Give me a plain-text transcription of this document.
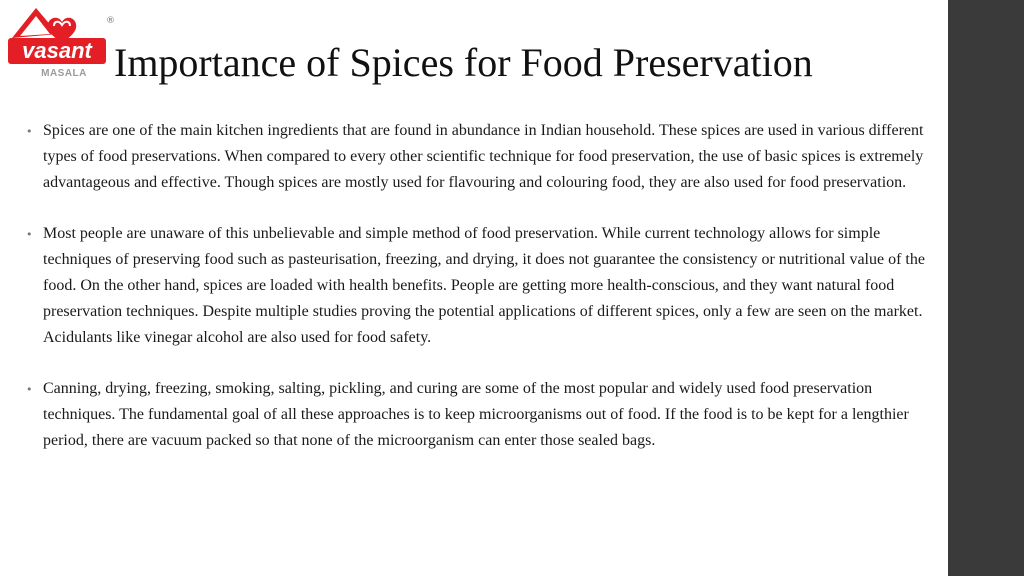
vasant
®
MASALA Importance of Spices for Food Preservation
• Spices are one of the main kitchen ingredients that are found in abundance in Indian household. These spices are used in various different types of food preservations. When compared to every other scientific technique for food preservation, the use of basic spices is extremely advantageous and effective. Though spices are mostly used for flavouring and colouring food, they are also used for food preservation.
• Most people are unaware of this unbelievable and simple method of food preservation. While current technology allows for simple techniques of preserving food such as pasteurisation, freezing, and drying, it does not guarantee the consistency or nutritional value of the food. On the other hand, spices are loaded with health benefits. People are getting more health-conscious, and they want natural food preservation techniques. Despite multiple studies proving the potential applications of different spices, only a few are seen on the market. Acidulants like vinegar alcohol are also used for food safety.
• Canning, drying, freezing, smoking, salting, pickling, and curing are some of the most popular and widely used food preservation techniques. The fundamental goal of all these approaches is to keep microorganisms out of food. If the food is to be kept for a lengthier period, there are vacuum packed so that none of the microorganism can enter those sealed bags.
